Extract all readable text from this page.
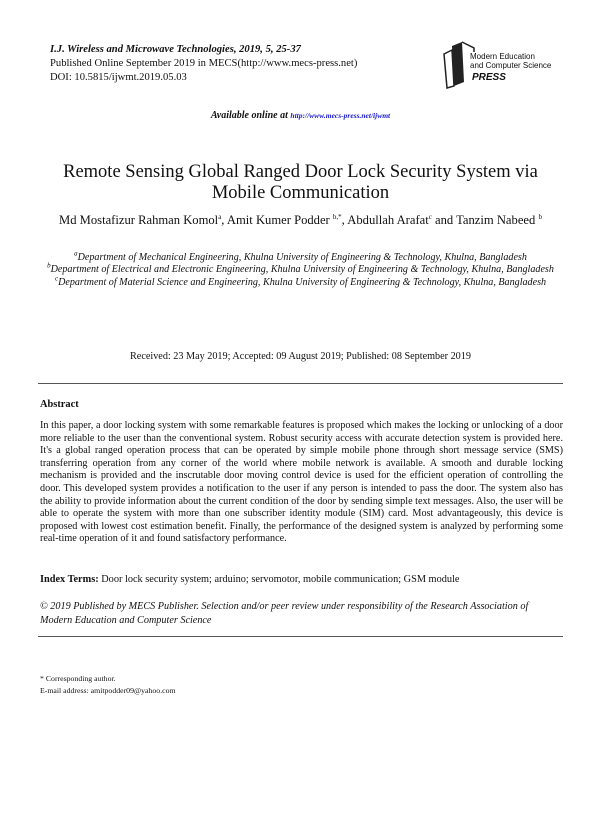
I.J. Wireless and Microwave Technologies, 2019, 5, 25-37
Published Online September 2019 in MECS(http://www.mecs-press.net)
DOI: 10.5815/ijwmt.2019.05.03
Modern Education
and Computer Science
PRESS
Available online at http://www.mecs-press.net/ijwmt
Remote Sensing Global Ranged Door Lock Security System via Mobile Communication
Md Mostafizur Rahman Komol$^a$, Amit Kumer Podder $^{b,*}$, Abdullah Arafat$^c$ and Tanzim Nabeed $^b$
$^a$Department of Mechanical Engineering, Khulna University of Engineering & Technology, Khulna, Bangladesh
$^b$Department of Electrical and Electronic Engineering, Khulna University of Engineering & Technology, Khulna, Bangladesh
$^c$Department of Material Science and Engineering, Khulna University of Engineering & Technology, Khulna, Bangladesh
Received: 23 May 2019; Accepted: 09 August 2019; Published: 08 September 2019
Abstract
In this paper, a door locking system with some remarkable features is proposed which makes the locking or unlocking of a door more reliable to the user than the conventional system. Robust security access with accurate detection system is provided here. It's a global ranged operation process that can be operated by simple mobile phone through short message service (SMS) transferring operation from any corner of the world where mobile network is available. A smooth and durable locking mechanism is provided and the inscrutable door moving control device is used for the efficient operation of controlling the door. This developed system provides a notification to the user if any person is intended to pass the door. The system also has the ability to provide information about the current condition of the door by sending simple text messages. Also, the user will be able to operate the system with more than one subscriber identity module (SIM) card. Most advantageously, this device is proposed with lowest cost estimation benefit. Finally, the performance of the designed system is analyzed by performing some real-time operation of it and found satisfactory performance.
Index Terms: Door lock security system; arduino; servomotor, mobile communication; GSM module
© 2019 Published by MECS Publisher. Selection and/or peer review under responsibility of the Research Association of Modern Education and Computer Science
* Corresponding author.
E-mail address: amitpodder09@yahoo.com
